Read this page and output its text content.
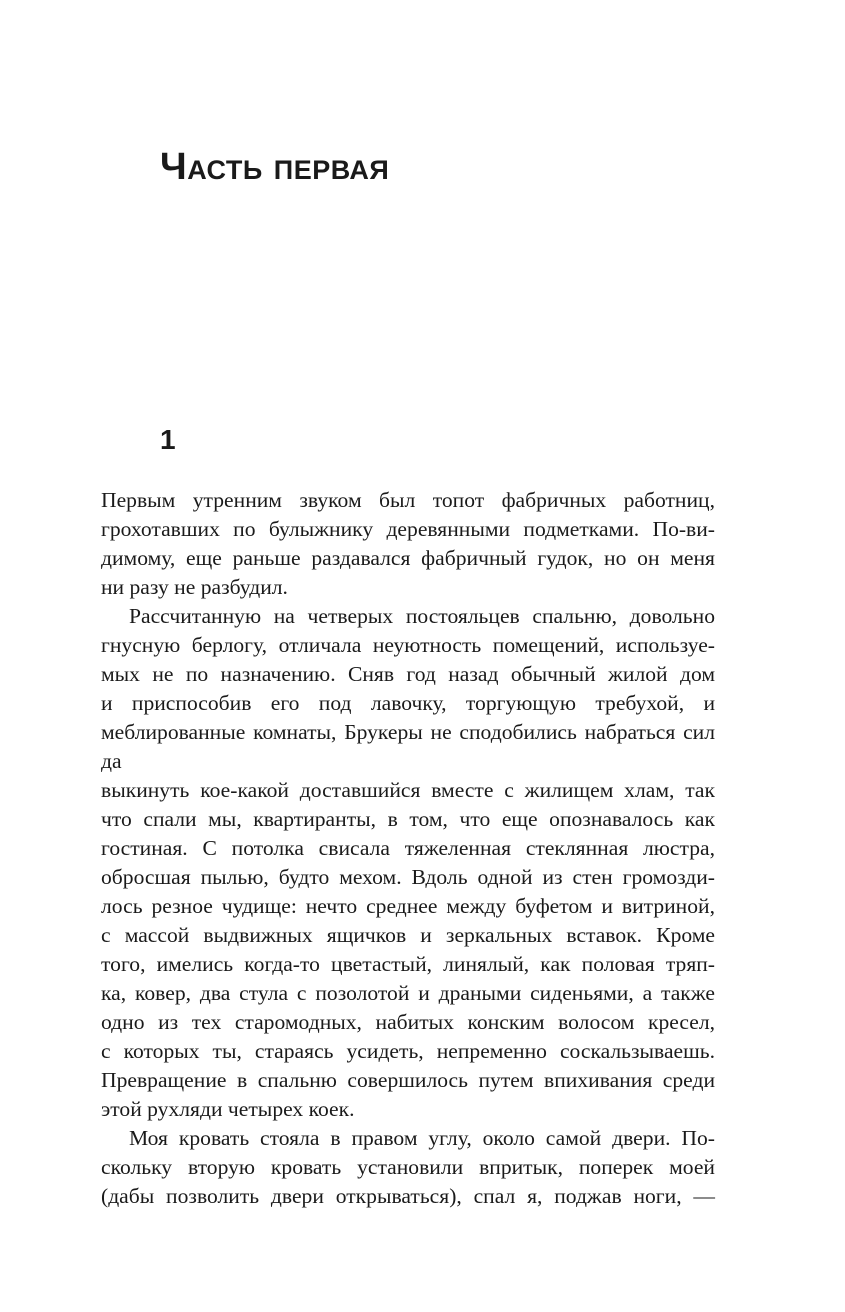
Часть первая
1

Первым утренним звуком был топот фабричных работниц,
грохотавших по булыжнику деревянными подметками. По-ви-
димому, еще раньше раздавался фабричный гудок, но он меня
ни разу не разбудил.

Рассчитанную на четверых постояльцев спальню, довольно
гнусную берлогу, отличала неуютность помещений, используе-
мых не по назначению. Сняв год назад обычный жилой дом
и приспособив его под лавочку, торгующую требухой, и меблированные комнаты, Брукеры не сподобились набраться сил да
выкинуть кое-какой доставшийся вместе с жилищем хлам, так
что спали мы, квартиранты, в том, что еще опознавалось как
гостиная. С потолка свисала тяжеленная стеклянная люстра,
обросшая пылью, будто мехом. Вдоль одной из стен громозди-
лось резное чудище: нечто среднее между буфетом и витриной,
с массой выдвижных ящичков и зеркальных вставок. Кроме
того, имелись когда-то цветастый, линялый, как половая тряп-
ка, ковер, два стула с позолотой и драными сиденьями, а также
одно из тех старомодных, набитых конским волосом кресел,
с которых ты, стараясь усидеть, непременно соскальзываешь.
Превращение в спальню совершилось путем впихивания среди
этой рухляди четырех коек.

Моя кровать стояла в правом углу, около самой двери. По-
скольку вторую кровать установили впритык, поперек моей
(дабы позволить двери открываться), спал я, поджав ноги, —
